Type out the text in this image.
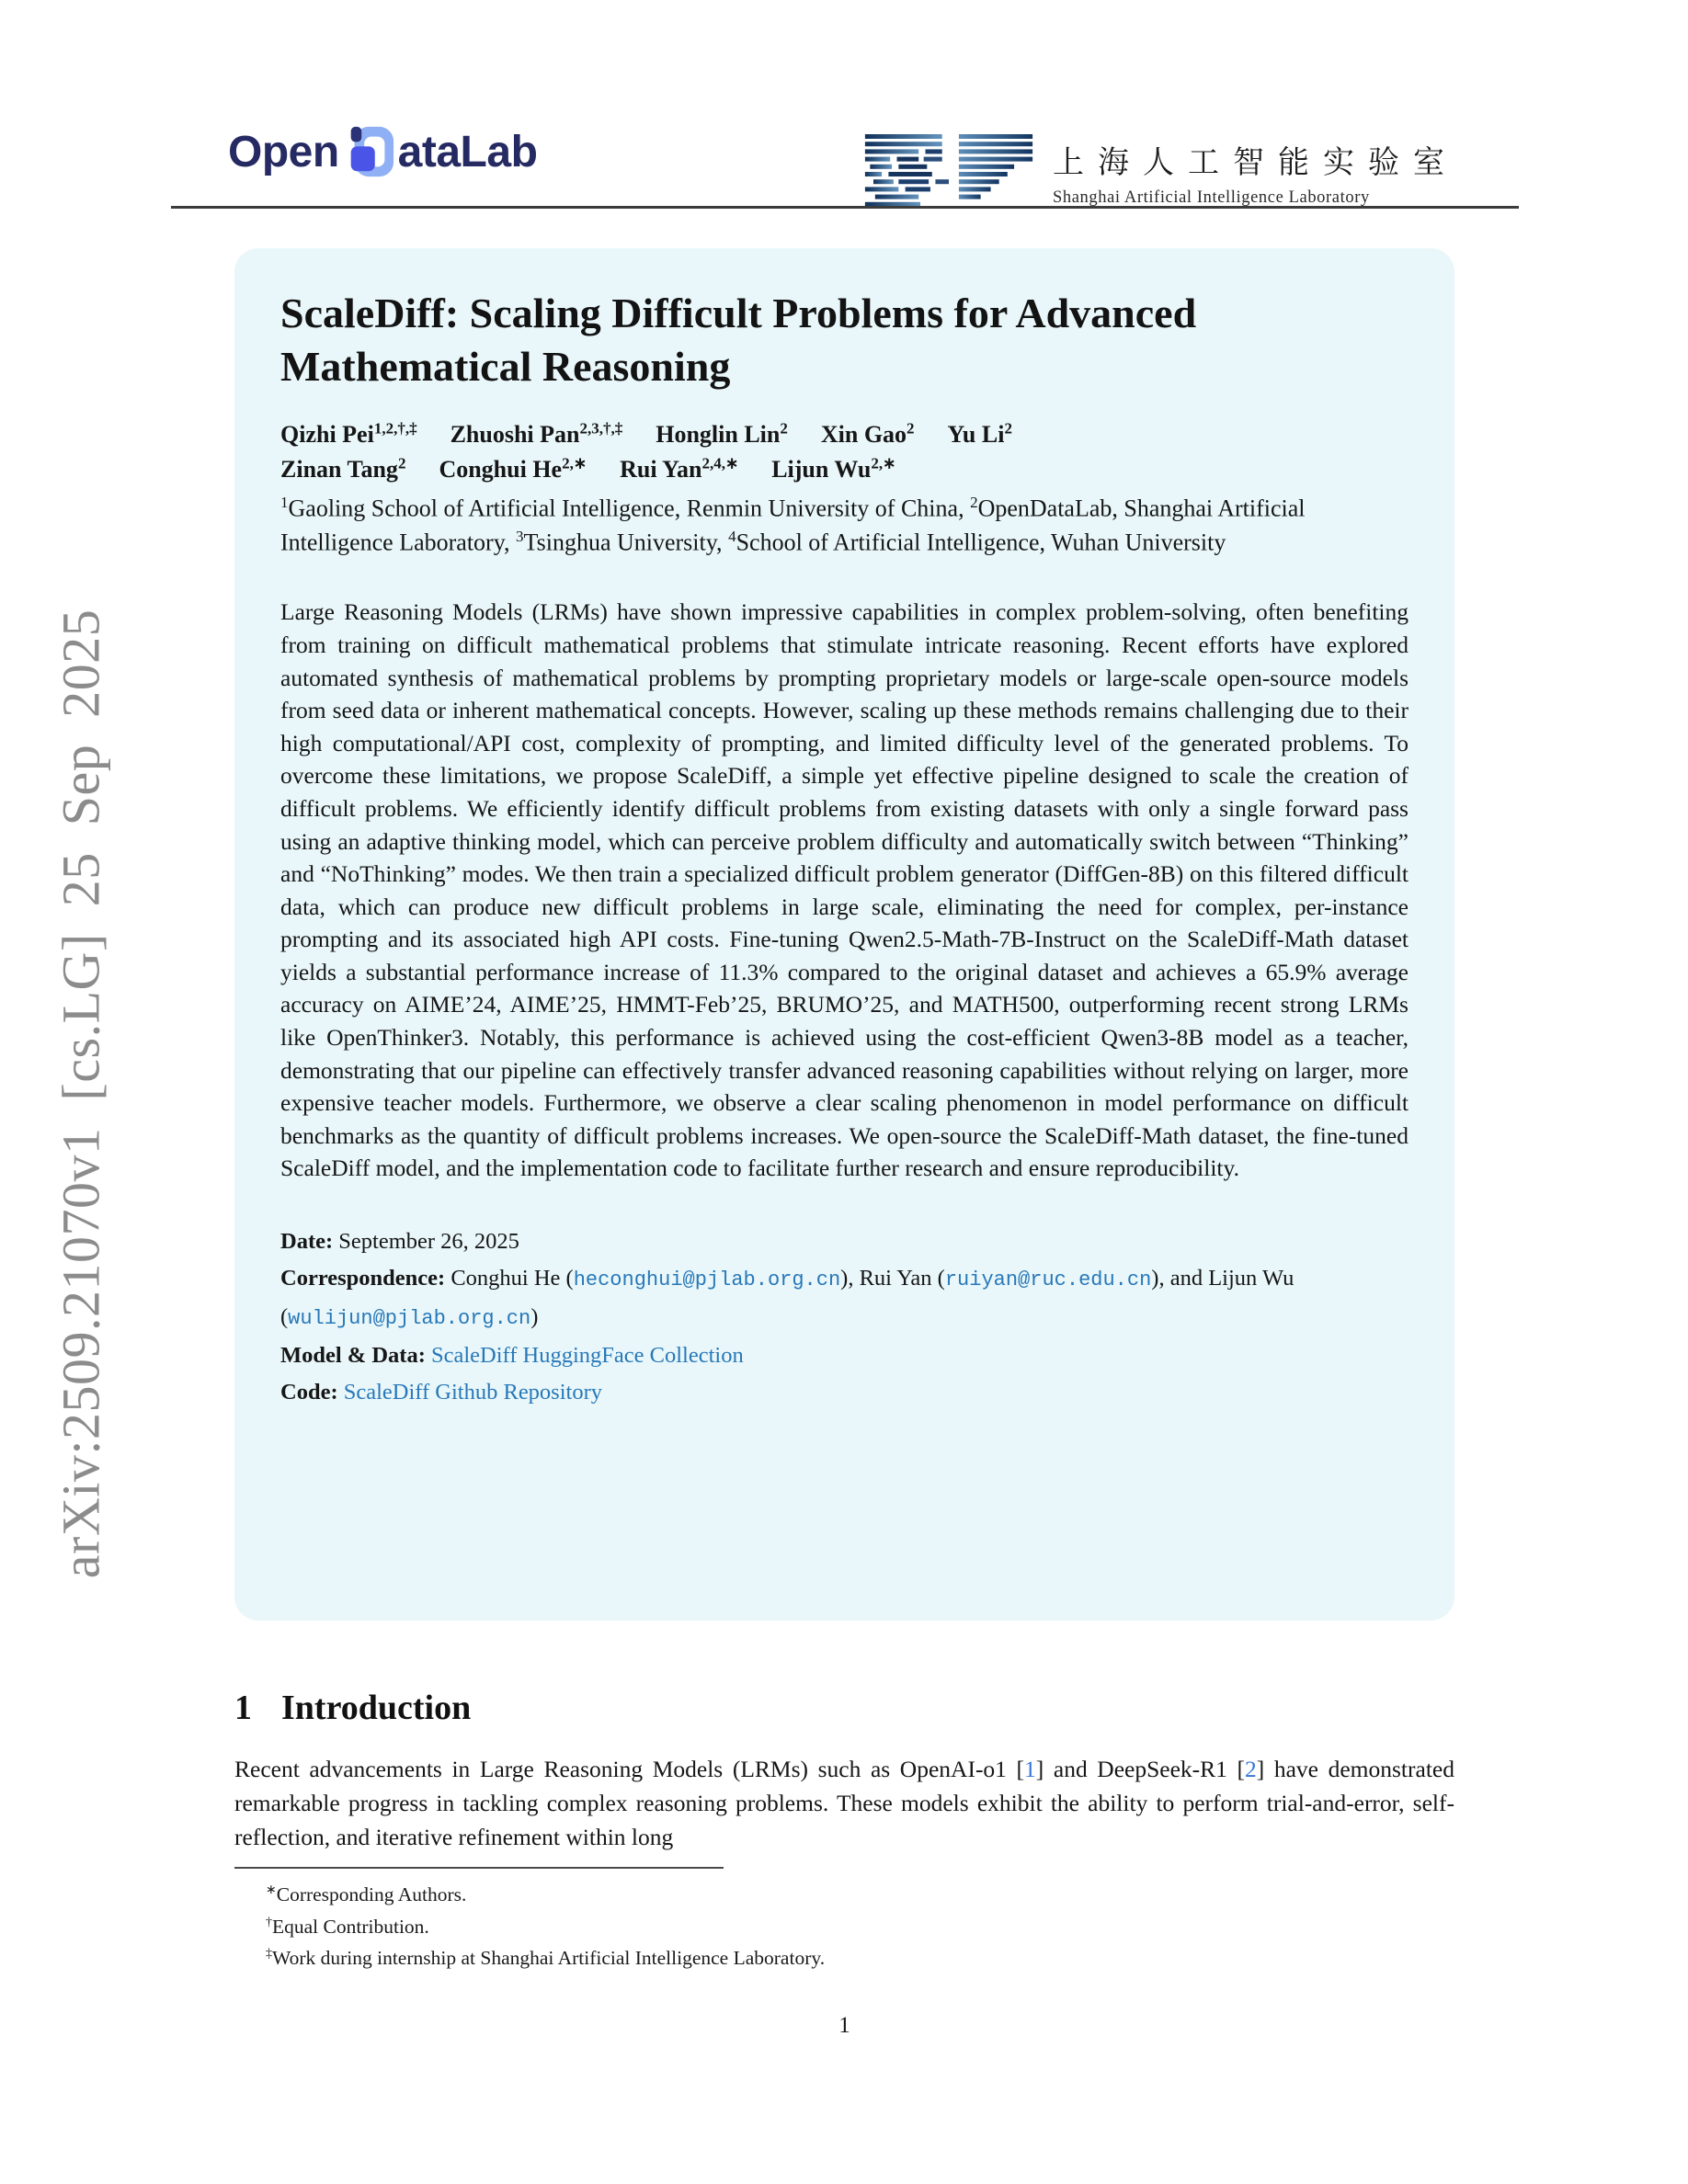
arXiv:2509.21070v1 [cs.LG] 25 Sep 2025
Open ataLab	上海人工智能实验室
Shanghai Artificial Intelligence Laboratory
ScaleDiff: Scaling Difficult Problems for Advanced Mathematical Reasoning
Qizhi Pei$^{1,2,\dagger,\ddagger}$ Zhuoshi Pan$^{2,3,\dagger,\ddagger}$ Honglin Lin$^2$ Xin Gao$^2$ Yu Li$^2$
Zinan Tang$^2$ Conghui $He^{2,∗}$ Rui Yan$^{2,4,∗}$ Lijun $Wu^{2,∗}$
$^1$Gaoling School of Artificial Intelligence, Renmin University of China, $^2$OpenDataLab, Shanghai Artificial Intelligence Laboratory, $^3$Tsinghua University, $^4$School of Artificial Intelligence, Wuhan University
Large Reasoning Models (LRMs) have shown impressive capabilities in complex problem-solving, often benefiting from training on difficult mathematical problems that stimulate intricate reasoning. Recent efforts have explored automated synthesis of mathematical problems by prompting proprietary models or large-scale open-source models from seed data or inherent mathematical concepts. However, scaling up these methods remains challenging due to their high computational/API cost, complexity of prompting, and limited difficulty level of the generated problems. To overcome these limitations, we propose ScaleDiff, a simple yet effective pipeline designed to scale the creation of difficult problems. We efficiently identify difficult problems from existing datasets with only a single forward pass using an adaptive thinking model, which can perceive problem difficulty and automatically switch between “Thinking” and “NoThinking” modes. We then train a specialized difficult problem generator (DiffGen-8B) on this filtered difficult data, which can produce new difficult problems in large scale, eliminating the need for complex, per-instance prompting and its associated high API costs. Fine-tuning Qwen2.5-Math-7B-Instruct on the ScaleDiff-Math dataset yields a substantial performance increase of 11.3% compared to the original dataset and achieves a 65.9% average accuracy on AIME’24, AIME’25, HMMT-Feb’25, BRUMO’25, and MATH500, outperforming recent strong LRMs like OpenThinker3. Notably, this performance is achieved using the cost-efficient Qwen3-8B model as a teacher, demonstrating that our pipeline can effectively transfer advanced reasoning capabilities without relying on larger, more expensive teacher models. Furthermore, we observe a clear scaling phenomenon in model performance on difficult benchmarks as the quantity of difficult problems increases. We open-source the ScaleDiff-Math dataset, the fine-tuned ScaleDiff model, and the implementation code to facilitate further research and ensure reproducibility.
Date: September 26, 2025
Correspondence: Conghui He (heconghui@pjlab.org.cn), Rui Yan (ruiyan@ruc.edu.cn), and Lijun Wu (wulijun@pjlab.org.cn)
Model & Data: ScaleDiff HuggingFace Collection
Code: ScaleDiff Github Repository
1 Introduction
Recent advancements in Large Reasoning Models (LRMs) such as OpenAI-o1 [1] and DeepSeek-R1 [2] have demonstrated remarkable progress in tackling complex reasoning problems. These models exhibit the ability to perform trial-and-error, self-reflection, and iterative refinement within long

∗Corresponding Authors.

†Equal Contribution.

‡Work during internship at Shanghai Artificial Intelligence Laboratory.

1
